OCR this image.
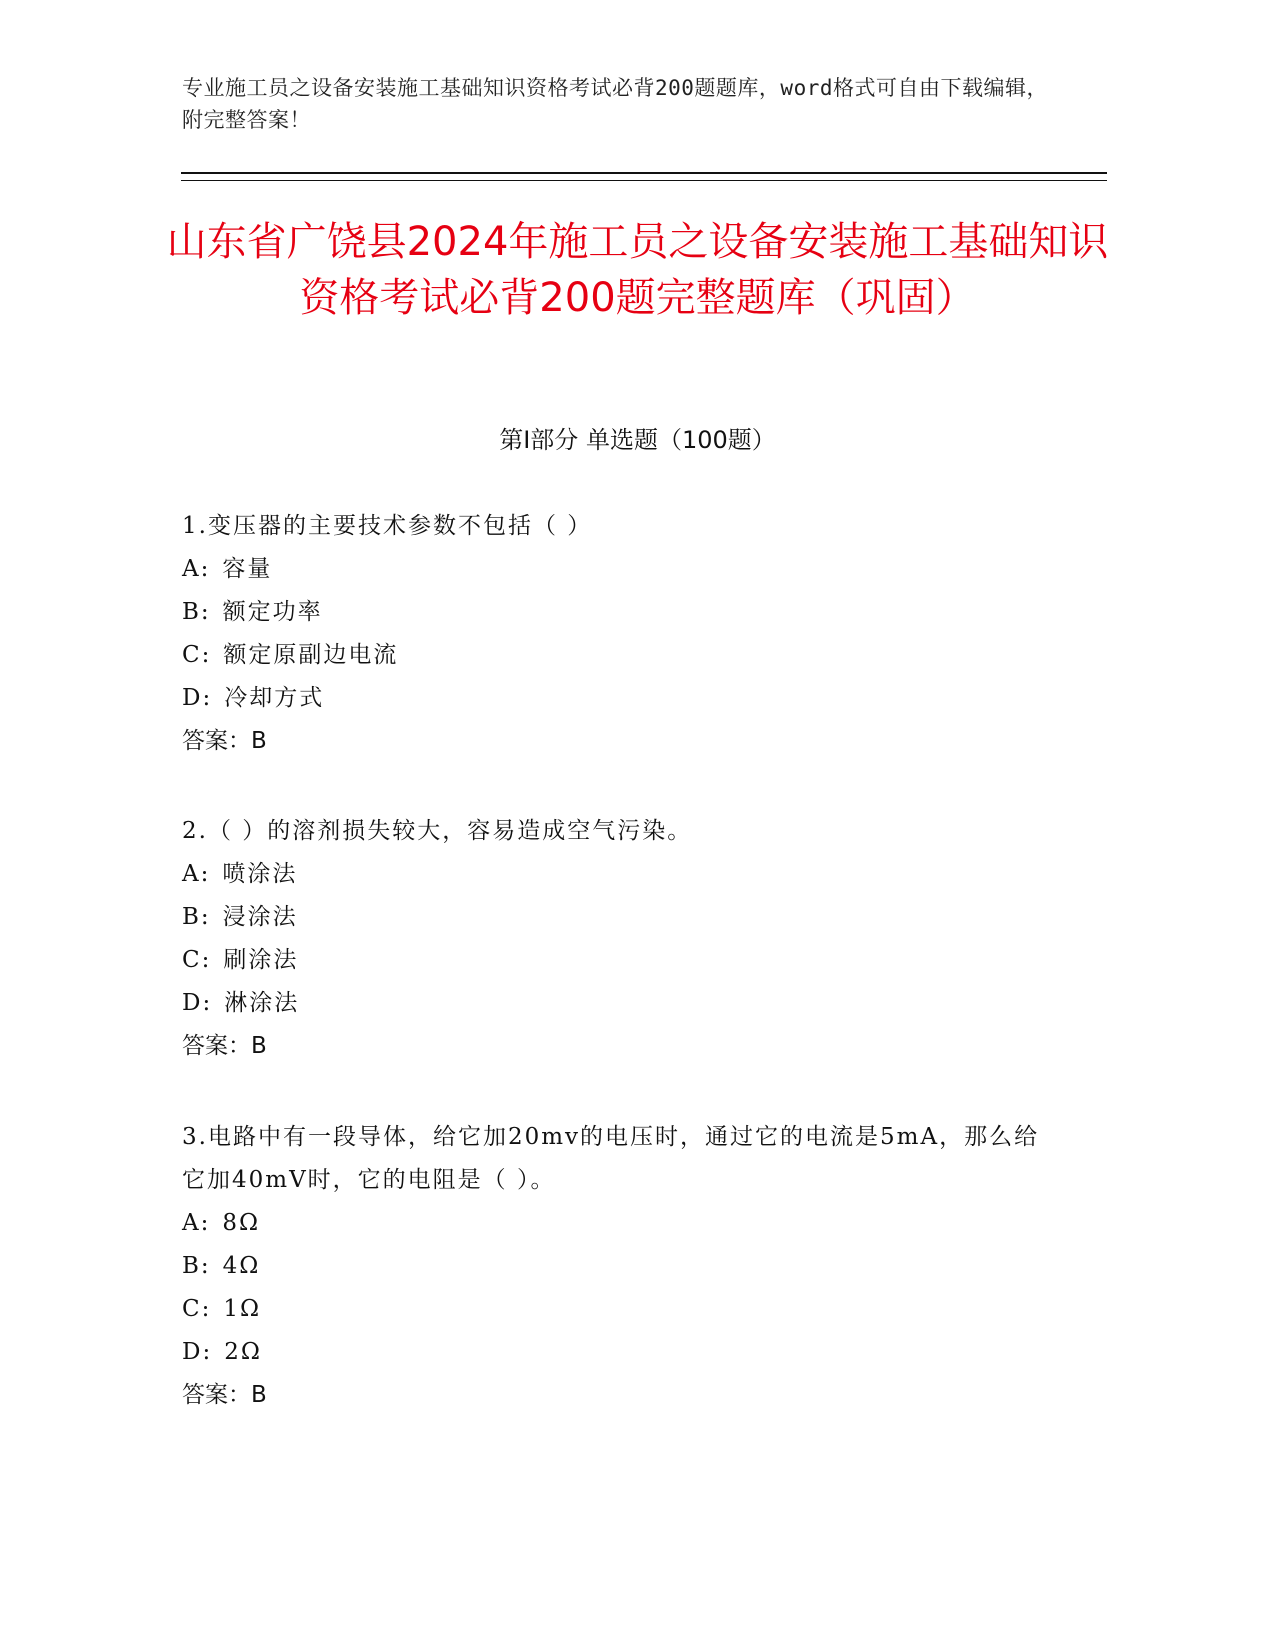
专业施工员之设备安装施工基础知识资格考试必背200题题库，word格式可自由下载编辑，附完整答案！
山东省广饶县2024年施工员之设备安装施工基础知识资格考试必背200题完整题库（巩固）
第Ⅰ部分 单选题（100题）
1.变压器的主要技术参数不包括（ ）
A: 容量
B: 额定功率
C: 额定原副边电流
D: 冷却方式
答案：B
2.（ ）的溶剂损失较大，容易造成空气污染。
A: 喷涂法
B: 浸涂法
C: 刷涂法
D: 淋涂法
答案：B
3.电路中有一段导体，给它加20mv的电压时，通过它的电流是5mA，那么给它加40mV时，它的电阻是（ ）。
A: 8Ω
B: 4Ω
C: 1Ω
D: 2Ω
答案：B
